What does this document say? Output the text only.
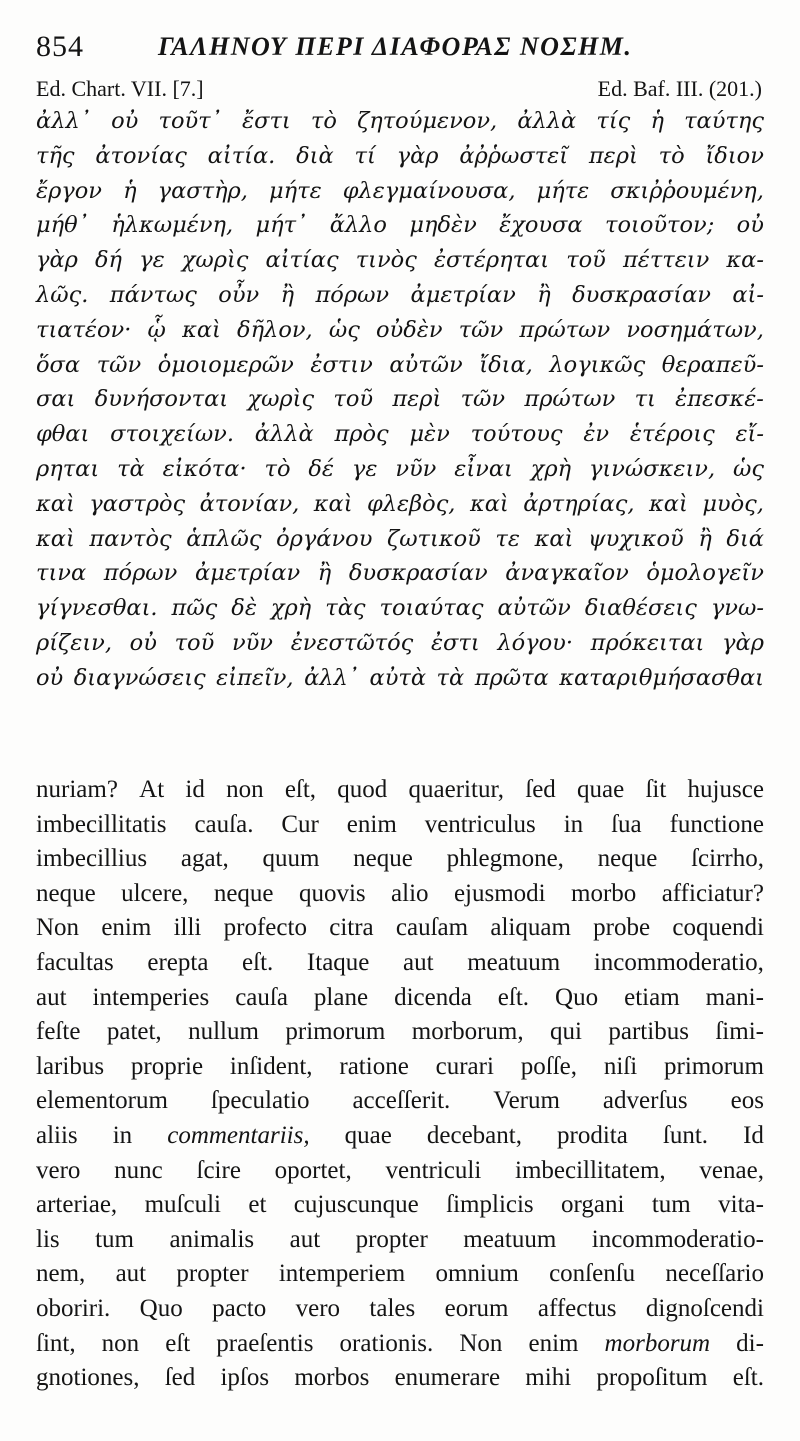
854	ΓΑΛΗΝΟΥ ΠΕΡΙ ΔΙΑΦΟΡΑΣ ΝΟΣΗΜ.
Ed. Chart. VII. [7.]	Ed. Baf. III. (201.)
ἀλλ᾽ οὐ τοῦτ᾽ ἔστι τὸ ζητούμενον, ἀλλὰ τίς ἡ ταύτης
τῆς ἀτονίας αἰτία. διὰ τί γὰρ ἀῤῥωστεῖ περὶ τὸ ἴδιον
ἔργον ἡ γαστὴρ, μήτε φλεγμαίνουσα, μήτε σκιῤῥουμένη,
μήθ᾽ ἡλκωμένη, μήτ᾽ ἄλλο μηδὲν ἔχουσα τοιοῦτον; οὐ
γὰρ δή γε χωρὶς αἰτίας τινὸς ἐστέρηται τοῦ πέττειν κα-
λῶς. πάντως οὖν ἢ πόρων ἀμετρίαν ἢ δυσκρασίαν αἰ-
τιατέον· ᾧ καὶ δῆλον, ὡς οὐδὲν τῶν πρώτων νοσημάτων,
ὅσα τῶν ὁμοιομερῶν ἐστιν αὐτῶν ἴδια, λογικῶς θεραπεῦ-
σαι δυνήσονται χωρὶς τοῦ περὶ τῶν πρώτων τι ἐπεσκέ-
φθαι στοιχείων. ἀλλὰ πρὸς μὲν τούτους ἐν ἑτέροις εἴ-
ρηται τὰ εἰκότα· τὸ δέ γε νῦν εἶναι χρὴ γινώσκειν, ὡς
καὶ γαστρὸς ἀτονίαν, καὶ φλεβὸς, καὶ ἀρτηρίας, καὶ μυὸς,
καὶ παντὸς ἁπλῶς ὀργάνου ζωτικοῦ τε καὶ ψυχικοῦ ἢ διά
τινα πόρων ἀμετρίαν ἢ δυσκρασίαν ἀναγκαῖον ὁμολογεῖν
γίγνεσθαι. πῶς δὲ χρὴ τὰς τοιαύτας αὐτῶν διαθέσεις γνω-
ρίζειν, οὐ τοῦ νῦν ἐνεστῶτός ἐστι λόγου· πρόκειται γὰρ
οὐ διαγνώσεις εἰπεῖν, ἀλλ᾽ αὐτὰ τὰ πρῶτα καταριθμήσασθαι
nuriam? At id non eſt, quod quaeritur, ſed quae ſit hujusce
imbecillitatis cauſa. Cur enim ventriculus in ſua functione
imbecillius agat, quum neque phlegmone, neque ſcirrho,
neque ulcere, neque quovis alio ejusmodi morbo afficiatur?
Non enim illi profecto citra cauſam aliquam probe coquendi
facultas erepta eſt. Itaque aut meatuum incommoderatio,
aut intemperies cauſa plane dicenda eſt. Quo etiam mani-
feſte patet, nullum primorum morborum, qui partibus ſimi-
laribus proprie inſident, ratione curari poſſe, niſi primorum
elementorum ſpeculatio acceſſerit. Verum adverſus eos
aliis in commentariis, quae decebant, prodita ſunt. Id
vero nunc ſcire oportet, ventriculi imbecillitatem, venae,
arteriae, muſculi et cujuscunque ſimplicis organi tum vita-
lis tum animalis aut propter meatuum incommoderatio-
nem, aut propter intemperiem omnium conſenſu neceſſario
oboriri. Quo pacto vero tales eorum affectus dignoſcendi
ſint, non eſt praeſentis orationis. Non enim morborum di-
gnotiones, ſed ipſos morbos enumerare mihi propoſitum eſt.
